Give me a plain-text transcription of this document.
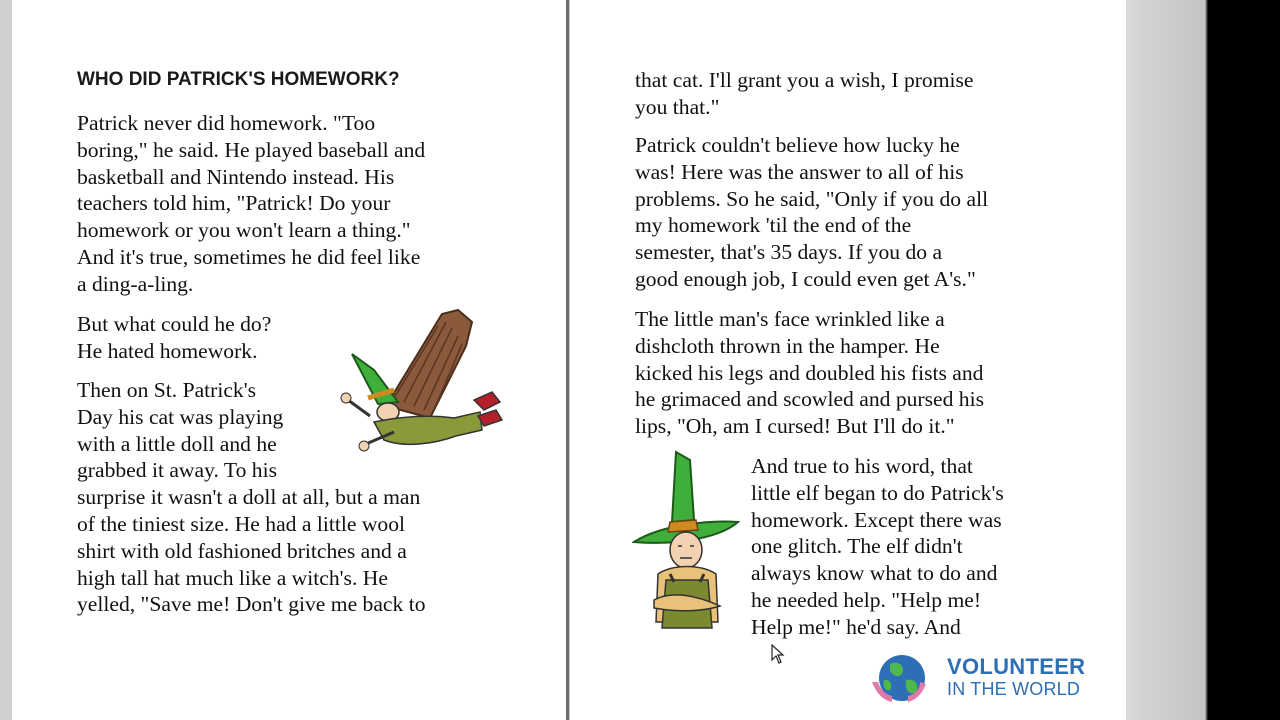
WHO DID PATRICK'S HOMEWORK?

Patrick never did homework. "Too
boring," he said. He played baseball and
basketball and Nintendo instead. His
teachers told him, "Patrick! Do your
homework or you won't learn a thing."
And it's true, sometimes he did feel like
a ding-a-ling.

But what could he do?
He hated homework.

Then on St. Patrick's
Day his cat was playing
with a little doll and he
grabbed it away. To his
surprise it wasn't a doll at all, but a man
of the tiniest size. He had a little wool
shirt with old fashioned britches and a
high tall hat much like a witch's. He
yelled, "Save me! Don't give me back to

that cat. I'll grant you a wish, I promise
you that."

Patrick couldn't believe how lucky he
was! Here was the answer to all of his
problems. So he said, "Only if you do all
my homework 'til the end of the
semester, that's 35 days. If you do a
good enough job, I could even get A's."

The little man's face wrinkled like a
dishcloth thrown in the hamper. He
kicked his legs and doubled his fists and
he grimaced and scowled and pursed his
lips, "Oh, am I cursed! But I'll do it."

And true to his word, that
little elf began to do Patrick's
homework. Except there was
one glitch. The elf didn't
always know what to do and
he needed help. "Help me!
Help me!" he'd say. And

VOLUNTEER
IN THE WORLD
